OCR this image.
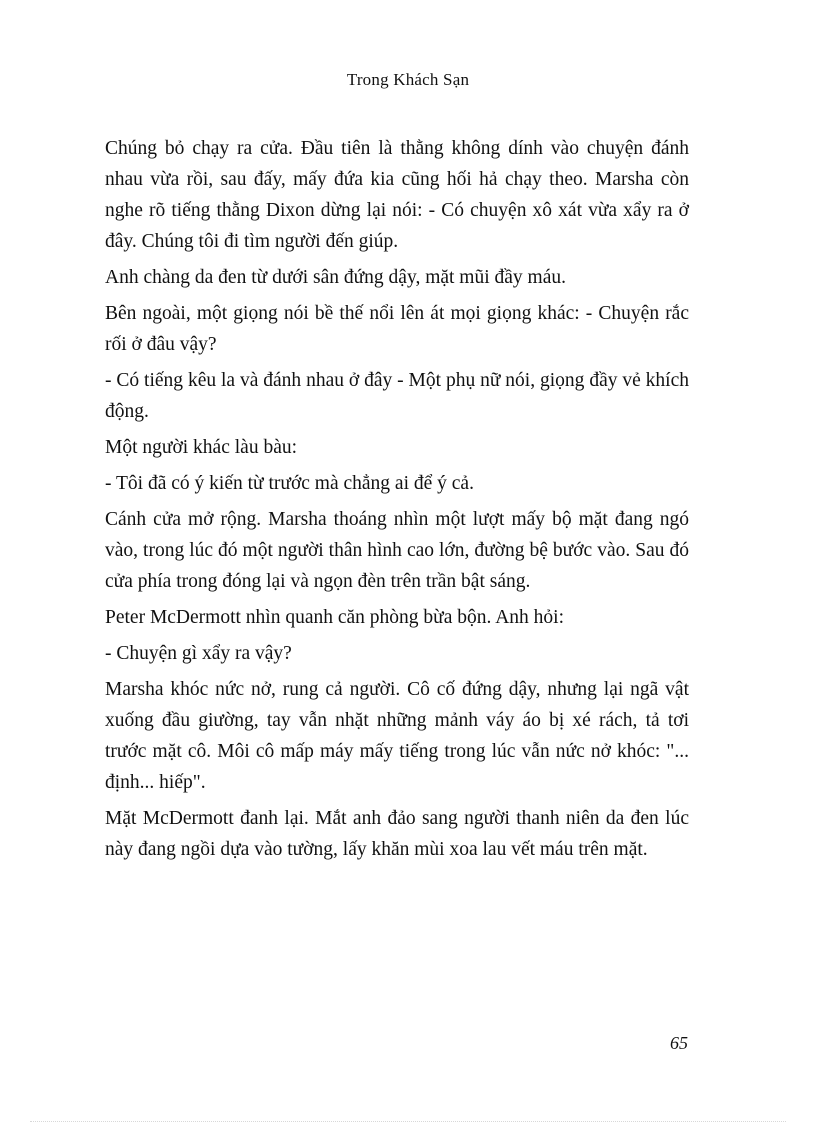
Trong Khách Sạn

Chúng bỏ chạy ra cửa. Đầu tiên là thằng không dính vào chuyện đánh nhau vừa rồi, sau đấy, mấy đứa kia cũng hối hả chạy theo. Marsha còn nghe rõ tiếng thằng Dixon dừng lại nói: - Có chuyện xô xát vừa xẩy ra ở đây. Chúng tôi đi tìm người đến giúp.

Anh chàng da đen từ dưới sân đứng dậy, mặt mũi đầy máu.

Bên ngoài, một giọng nói bề thế nổi lên át mọi giọng khác: - Chuyện rắc rối ở đâu vậy?

- Có tiếng kêu la và đánh nhau ở đây - Một phụ nữ nói, giọng đầy vẻ khích động.

Một người khác làu bàu:

- Tôi đã có ý kiến từ trước mà chẳng ai để ý cả.

Cánh cửa mở rộng. Marsha thoáng nhìn một lượt mấy bộ mặt đang ngó vào, trong lúc đó một người thân hình cao lớn, đường bệ bước vào. Sau đó cửa phía trong đóng lại và ngọn đèn trên trần bật sáng.

Peter McDermott nhìn quanh căn phòng bừa bộn. Anh hỏi:

- Chuyện gì xẩy ra vậy?

Marsha khóc nức nở, rung cả người. Cô cố đứng dậy, nhưng lại ngã vật xuống đầu giường, tay vẫn nhặt những mảnh váy áo bị xé rách, tả tơi trước mặt cô. Môi cô mấp máy mấy tiếng trong lúc vẫn nức nở khóc: "... định... hiếp".

Mặt McDermott đanh lại. Mắt anh đảo sang người thanh niên da đen lúc này đang ngồi dựa vào tường, lấy khăn mùi xoa lau vết máu trên mặt.

65
